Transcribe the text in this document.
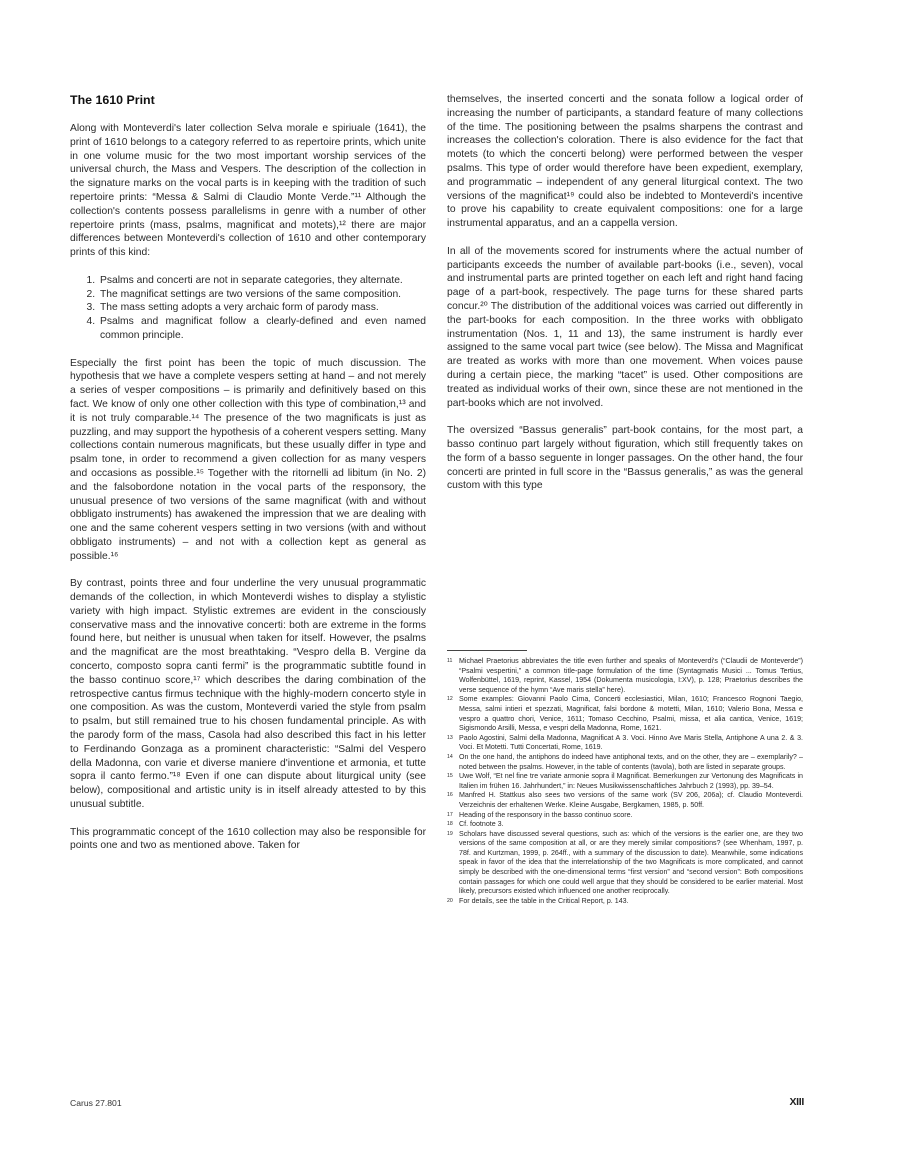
The 1610 Print

Along with Monteverdi's later collection Selva morale e spiriuale (1641), the print of 1610 belongs to a category referred to as repertoire prints, which unite in one volume music for the two most important worship services of the universal church, the Mass and Vespers. The description of the collection in the signature marks on the vocal parts is in keeping with the tradition of such repertoire prints: “Messa & Salmi di Claudio Monte Verde.”¹¹ Although the collection's contents possess parallelisms in genre with a number of other repertoire prints (mass, psalms, magnificat and motets),¹² there are major differences between Monteverdi's collection of 1610 and other contemporary prints of this kind:

1. Psalms and concerti are not in separate categories, they alternate.
2. The magnificat settings are two versions of the same composition.
3. The mass setting adopts a very archaic form of parody mass.
4. Psalms and magnificat follow a clearly-defined and even named common principle.

Especially the first point has been the topic of much discussion. The hypothesis that we have a complete vespers setting at hand – and not merely a series of vesper compositions – is primarily and definitively based on this fact. We know of only one other collection with this type of combination,¹³ and it is not truly comparable.¹⁴ The presence of the two magnificats is just as puzzling, and may support the hypothesis of a coherent vespers setting. Many collections contain numerous magnificats, but these usually differ in type and psalm tone, in order to recommend a given collection for as many vespers and occasions as possible.¹⁵ Together with the ritornelli ad libitum (in No. 2) and the falsobordone notation in the vocal parts of the responsory, the unusual presence of two versions of the same magnificat (with and without obbligato instruments) has awakened the impression that we are dealing with one and the same coherent vespers setting in two versions (with and without obbligato instruments) – and not with a collection kept as general as possible.¹⁶

By contrast, points three and four underline the very unusual programmatic demands of the collection, in which Monteverdi wishes to display a stylistic variety with high impact. Stylistic extremes are evident in the consciously conservative mass and the innovative concerti: both are extreme in the forms found here, but neither is unusual when taken for itself. However, the psalms and the magnificat are the most breathtaking. “Vespro della B. Vergine da concerto, composto sopra canti fermi” is the programmatic subtitle found in the basso continuo score,¹⁷ which describes the daring combination of the retrospective cantus firmus technique with the highly-modern concerto style in one composition. As was the custom, Monteverdi varied the style from psalm to psalm, but still remained true to his chosen fundamental principle. As with the parody form of the mass, Casola had also described this fact in his letter to Ferdinando Gonzaga as a prominent characteristic: “Salmi del Vespero della Madonna, con varie et diverse maniere d'inventione et armonia, et tutte sopra il canto fermo.”¹⁸ Even if one can dispute about liturgical unity (see below), compositional and artistic unity is in itself already attested to by this unusual subtitle.

This programmatic concept of the 1610 collection may also be responsible for points one and two as mentioned above. Taken for

themselves, the inserted concerti and the sonata follow a logical order of increasing the number of participants, a standard feature of many collections of the time. The positioning between the psalms sharpens the contrast and increases the collection's coloration. There is also evidence for the fact that motets (to which the concerti belong) were performed between the vesper psalms. This type of order would therefore have been expedient, exemplary, and programmatic – independent of any general liturgical context. The two versions of the magnificat¹⁹ could also be indebted to Monteverdi's incentive to prove his capability to create equivalent compositions: one for a large instrumental apparatus, and an a cappella version.

In all of the movements scored for instruments where the actual number of participants exceeds the number of available part-books (i.e., seven), vocal and instrumental parts are printed together on each left and right hand facing page of a part-book, respectively. The page turns for these shared parts concur.²⁰ The distribution of the additional voices was carried out differently in the part-books for each composition. In the three works with obbligato instrumentation (Nos. 1, 11 and 13), the same instrument is hardly ever assigned to the same vocal part twice (see below). The Missa and Magnificat are treated as works with more than one movement. When voices pause during a certain piece, the marking “tacet” is used. Other compositions are treated as individual works of their own, since these are not mentioned in the part-books which are not involved.

The oversized “Bassus generalis” part-book contains, for the most part, a basso continuo part largely without figuration, which still frequently takes on the form of a basso seguente in longer passages. On the other hand, the four concerti are printed in full score in the “Bassus generalis,” as was the general custom with this type

11 Michael Praetorius abbreviates the title even further and speaks of Monteverdi's (“Claudii de Monteverde”) “Psalmi vespertini,” a common title-page formulation of the time (Syntagmatis Musici ... Tomus Tertius, Wolfenbüttel, 1619, reprint, Kassel, 1954 (Dokumenta musicologia, I:XV), p. 128; Praetorius describes the verse sequence of the hymn “Ave maris stella” here).
12 Some examples: Giovanni Paolo Cima, Concerti ecclesiastici, Milan, 1610; Francesco Rognoni Taegio, Messa, salmi intieri et spezzati, Magnificat, falsi bordone & motetti, Milan, 1610; Valerio Bona, Messa e vespro a quattro chori, Venice, 1611; Tomaso Cecchino, Psalmi, missa, et alia cantica, Venice, 1619; Sigismondo Arsilli, Messa, e vespri della Madonna, Rome, 1621.
13 Paolo Agostini, Salmi della Madonna, Magnificat A 3. Voci. Hinno Ave Maris Stella, Antiphone A una 2. & 3. Voci. Et Motetti. Tutti Concertati, Rome, 1619.
14 On the one hand, the antiphons do indeed have antiphonal texts, and on the other, they are – exemplarily? – noted between the psalms. However, in the table of contents (tavola), both are listed in separate groups.
15 Uwe Wolf, “Et nel fine tre variate armonie sopra il Magnificat. Bemerkungen zur Vertonung des Magnificats in Italien im frühen 16. Jahrhundert,” in: Neues Musikwissenschaftliches Jahrbuch 2 (1993), pp. 39–54.
16 Manfred H. Stattkus also sees two versions of the same work (SV 206, 206a); cf. Claudio Monteverdi. Verzeichnis der erhaltenen Werke. Kleine Ausgabe, Bergkamen, 1985, p. 50ff.
17 Heading of the responsory in the basso continuo score.
18 Cf. footnote 3.
19 Scholars have discussed several questions, such as: which of the versions is the earlier one, are they two versions of the same composition at all, or are they merely similar compositions? (see Whenham, 1997, p. 78f. and Kurtzman, 1999, p. 264ff., with a summary of the discussion to date). Meanwhile, some indications speak in favor of the idea that the interrelationship of the two Magnificats is more complicated, and cannot simply be described with the one-dimensional terms “first version” and “second version”: Both compositions contain passages for which one could well argue that they should be considered to be earlier material. Most likely, precursors existed which influenced one another reciprocally.
20 For details, see the table in the Critical Report, p. 143.
Carus 27.801	XIII
